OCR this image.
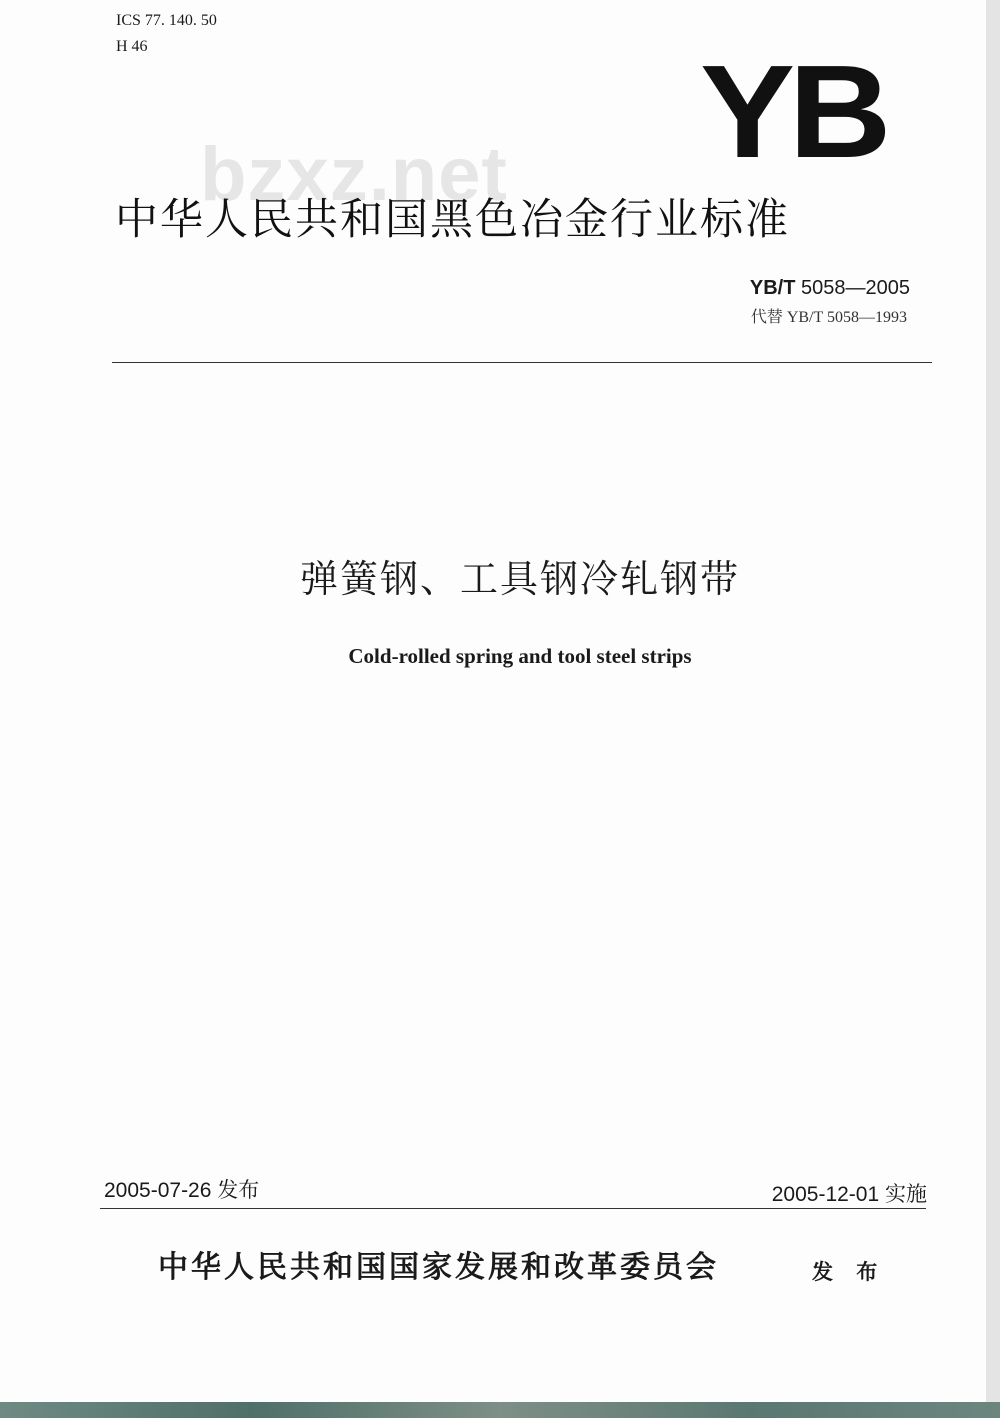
ICS 77. 140. 50
H 46
bzxz.net YB
中华人民共和国黑色冶金行业标准
YB/T 5058—2005
代替 YB/T 5058—1993
弹簧钢、工具钢冷轧钢带
Cold-rolled spring and tool steel strips
2005-07-26 发布	2005-12-01 实施
中华人民共和国国家发展和改革委员会	发 布
